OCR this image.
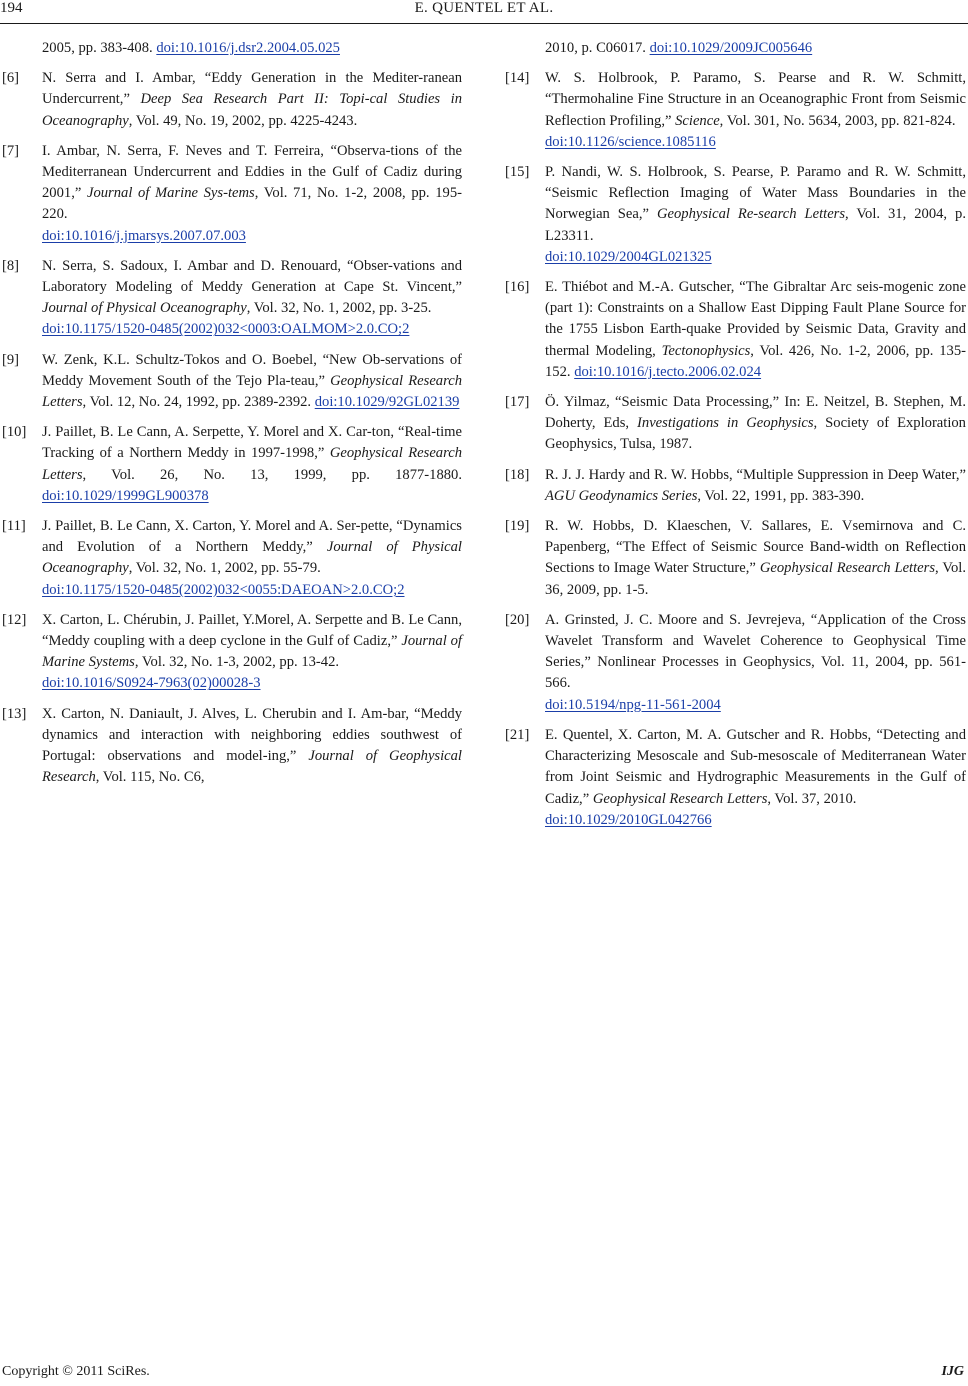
194	E. QUENTEL ET AL.
2005, pp. 383-408. doi:10.1016/j.dsr2.2004.05.025
[6] N. Serra and I. Ambar, “Eddy Generation in the Mediter-ranean Undercurrent,” Deep Sea Research Part II: Topi-cal Studies in Oceanography, Vol. 49, No. 19, 2002, pp. 4225-4243.
[7] I. Ambar, N. Serra, F. Neves and T. Ferreira, “Observa-tions of the Mediterranean Undercurrent and Eddies in the Gulf of Cadiz during 2001,” Journal of Marine Sys-tems, Vol. 71, No. 1-2, 2008, pp. 195-220.
doi:10.1016/j.jmarsys.2007.07.003
[8] N. Serra, S. Sadoux, I. Ambar and D. Renouard, “Obser-vations and Laboratory Modeling of Meddy Generation at Cape St. Vincent,” Journal of Physical Oceanography, Vol. 32, No. 1, 2002, pp. 3-25.
doi:10.1175/1520-0485(2002)032<0003:OALMOM>2.0.CO;2
[9] W. Zenk, K.L. Schultz-Tokos and O. Boebel, “New Ob-servations of Meddy Movement South of the Tejo Pla-teau,” Geophysical Research Letters, Vol. 12, No. 24, 1992, pp. 2389-2392. doi:10.1029/92GL02139
[10] J. Paillet, B. Le Cann, A. Serpette, Y. Morel and X. Car-ton, “Real-time Tracking of a Northern Meddy in 1997-1998,” Geophysical Research Letters, Vol. 26, No. 13, 1999, pp. 1877-1880. doi:10.1029/1999GL900378
[11] J. Paillet, B. Le Cann, X. Carton, Y. Morel and A. Ser-pette, “Dynamics and Evolution of a Northern Meddy,” Journal of Physical Oceanography, Vol. 32, No. 1, 2002, pp. 55-79.
doi:10.1175/1520-0485(2002)032<0055:DAEOAN>2.0.CO;2
[12] X. Carton, L. Chérubin, J. Paillet, Y.Morel, A. Serpette and B. Le Cann, “Meddy coupling with a deep cyclone in the Gulf of Cadiz,” Journal of Marine Systems, Vol. 32, No. 1-3, 2002, pp. 13-42.
doi:10.1016/S0924-7963(02)00028-3
[13] X. Carton, N. Daniault, J. Alves, L. Cherubin and I. Am-bar, “Meddy dynamics and interaction with neighboring eddies southwest of Portugal: observations and model-ing,” Journal of Geophysical Research, Vol. 115, No. C6,
2010, p. C06017. doi:10.1029/2009JC005646
[14] W. S. Holbrook, P. Paramo, S. Pearse and R. W. Schmitt, “Thermohaline Fine Structure in an Oceanographic Front from Seismic Reflection Profiling,” Science, Vol. 301, No. 5634, 2003, pp. 821-824.
doi:10.1126/science.1085116
[15] P. Nandi, W. S. Holbrook, S. Pearse, P. Paramo and R. W. Schmitt, “Seismic Reflection Imaging of Water Mass Boundaries in the Norwegian Sea,” Geophysical Re-search Letters, Vol. 31, 2004, p. L23311.
doi:10.1029/2004GL021325
[16] E. Thiébot and M.-A. Gutscher, “The Gibraltar Arc seis-mogenic zone (part 1): Constraints on a Shallow East Dipping Fault Plane Source for the 1755 Lisbon Earth-quake Provided by Seismic Data, Gravity and thermal Modeling, Tectonophysics, Vol. 426, No. 1-2, 2006, pp. 135-152. doi:10.1016/j.tecto.2006.02.024
[17] Ö. Yilmaz, “Seismic Data Processing,” In: E. Neitzel, B. Stephen, M. Doherty, Eds, Investigations in Geophysics, Society of Exploration Geophysics, Tulsa, 1987.
[18] R. J. J. Hardy and R. W. Hobbs, “Multiple Suppression in Deep Water,” AGU Geodynamics Series, Vol. 22, 1991, pp. 383-390.
[19] R. W. Hobbs, D. Klaeschen, V. Sallares, E. Vsemirnova and C. Papenberg, “The Effect of Seismic Source Band-width on Reflection Sections to Image Water Structure,” Geophysical Research Letters, Vol. 36, 2009, pp. 1-5.
[20] A. Grinsted, J. C. Moore and S. Jevrejeva, “Application of the Cross Wavelet Transform and Wavelet Coherence to Geophysical Time Series,” Nonlinear Processes in Geophysics, Vol. 11, 2004, pp. 561-566.
doi:10.5194/npg-11-561-2004
[21] E. Quentel, X. Carton, M. A. Gutscher and R. Hobbs, “Detecting and Characterizing Mesoscale and Sub-mesoscale of Mediterranean Water from Joint Seismic and Hydrographic Measurements in the Gulf of Cadiz,” Geophysical Research Letters, Vol. 37, 2010.
doi:10.1029/2010GL042766
Copyright © 2011 SciRes.	IJG
